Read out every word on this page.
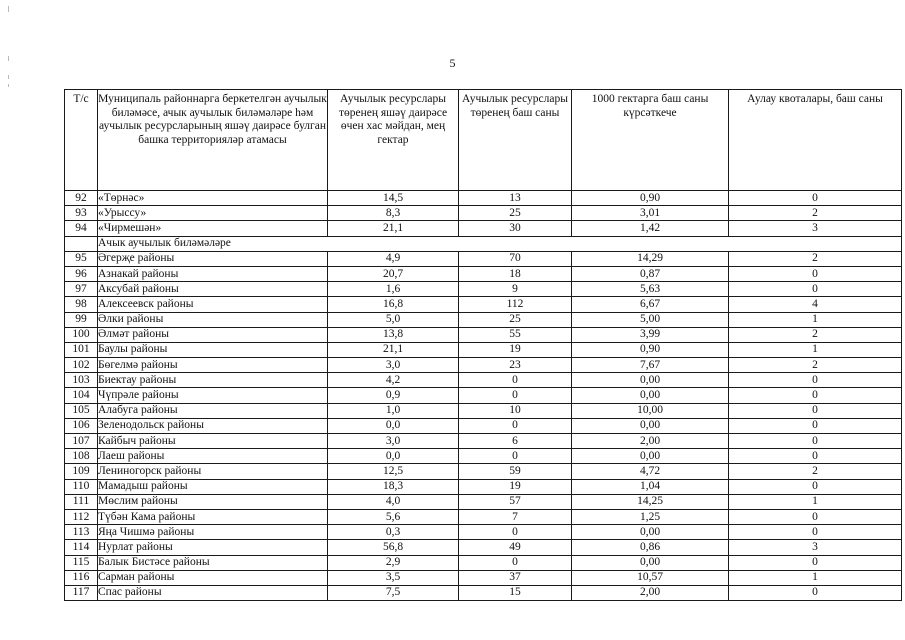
5
Т/с	Муниципаль районнарга беркетелгән аучылык биләмәсе, ачык аучылык биләмәләре һәм аучылык ресурсларының яшәү даирәсе булган башка территорияләр атамасы	Аучылык ресурслары төренең яшәү даирәсе өчен хас мәйдан, мең гектар	Аучылык ресурслары төренең баш саны	1000 гектарга баш саны күрсәткече	Аулау квоталары, баш саны
92	«Төрнәс»	14,5	13	0,90	0
93	«Урыссу»	8,3	25	3,01	2
94	«Чирмешән»	21,1	30	1,42	3
	Ачык аучылык биләмәләре				
95	Әгерҗе районы	4,9	70	14,29	2
96	Азнакай районы	20,7	18	0,87	0
97	Аксубай районы	1,6	9	5,63	0
98	Алексеевск районы	16,8	112	6,67	4
99	Әлки районы	5,0	25	5,00	1
100	Әлмәт районы	13,8	55	3,99	2
101	Баулы районы	21,1	19	0,90	1
102	Бөгелмә районы	3,0	23	7,67	2
103	Биектау районы	4,2	0	0,00	0
104	Чүпрәле районы	0,9	0	0,00	0
105	Алабуга районы	1,0	10	10,00	0
106	Зеленодольск районы	0,0	0	0,00	0
107	Кайбыч районы	3,0	6	2,00	0
108	Лаеш районы	0,0	0	0,00	0
109	Лениногорск районы	12,5	59	4,72	2
110	Мамадыш районы	18,3	19	1,04	0
111	Мөслим районы	4,0	57	14,25	1
112	Түбән Кама районы	5,6	7	1,25	0
113	Яңа Чишмә районы	0,3	0	0,00	0
114	Нурлат районы	56,8	49	0,86	3
115	Балык Бистәсе районы	2,9	0	0,00	0
116	Сарман районы	3,5	37	10,57	1
117	Спас районы	7,5	15	2,00	0
